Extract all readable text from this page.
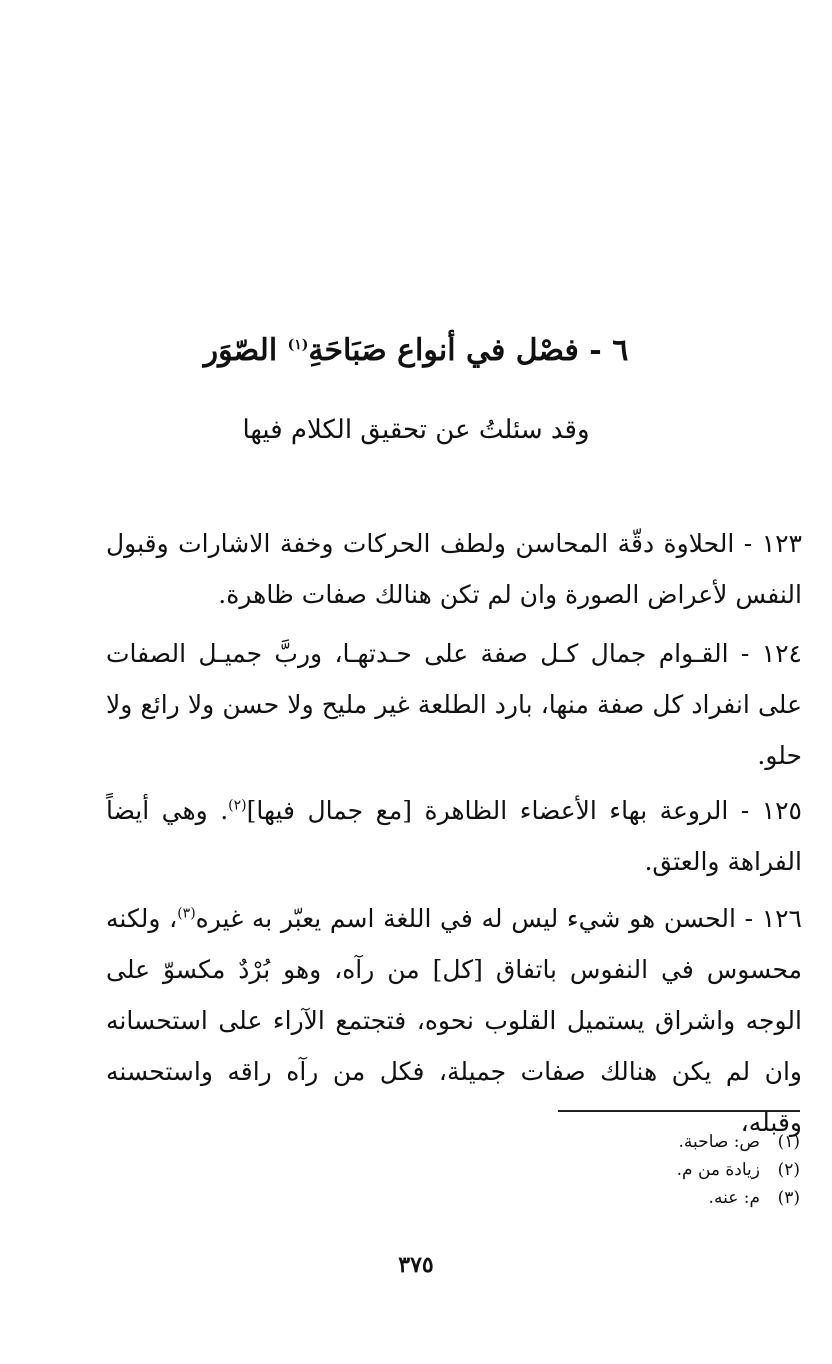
٦ - فصْل في أنواع صَبَاحَةِ$^{(١)}$ الصّوَر
وقد سئلتُ عن تحقيق الكلام فيها

١٢٣ - الحلاوة دقّة المحاسن ولطف الحركات وخفة الاشارات وقبول النفس لأعراض الصورة وان لم تكن هنالك صفات ظاهرة.

١٢٤ - القـوام جمال كـل صفة على حـدتهـا، وربَّ جميـل الصفات على انفراد كل صفة منها، بارد الطلعة غير مليح ولا حسن ولا رائع ولا حلو.

١٢٥ - الروعة بهاء الأعضاء الظاهرة [مع جمال فيها]$^{(٢)}$. وهي أيضاً الفراهة والعتق.

١٢٦ - الحسن هو شيء ليس له في اللغة اسم يعبّر به غيره$^{(٣)}$، ولكنه محسوس في النفوس باتفاق [كل] من رآه، وهو بُرْدٌ مكسوّ على الوجه واشراق يستميل القلوب نحوه، فتجتمع الآراء على استحسانه وان لم يكن هنالك صفات جميلة، فكل من رآه راقه واستحسنه وقبله،

(١)
ص: صاحبة.
(٢)
زيادة من م.
(٣)
م: عنه.
٣٧٥
